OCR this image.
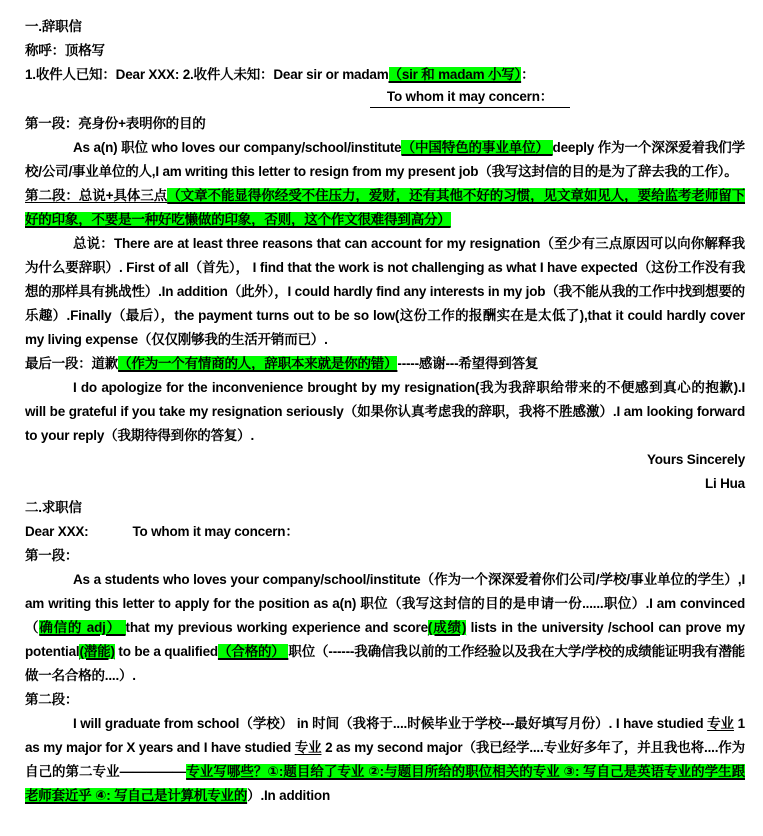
一.辞职信
称呼：顶格写
1.收件人已知：Dear XXX: 2.收件人未知：Dear sir or madam（sir 和 madam 小写）：
To whom it may concern：
第一段：亮身份+表明你的目的
As a(n) 职位 who loves our company/school/institute（中国特色的事业单位） deeply 作为一个深深爱着我们学校/公司/事业单位的人,I am writing this letter to resign from my present job（我写这封信的目的是为了辞去我的工作）。
第二段：总说+具体三点（文章不能显得你经受不住压力，爱财，还有其他不好的习惯，见文章如见人，要给监考老师留下好的印象，不要是一种好吃懒做的印象，否则，这个作文很难得到高分）
总说：There are at least three reasons that can account for my resignation（至少有三点原因可以向你解释我为什么要辞职）. First of all（首先）， I find that the work is not challenging as what I have expected（这份工作没有我想的那样具有挑战性）.In addition（此外），I could hardly find any interests in my job（我不能从我的工作中找到想要的乐趣）.Finally（最后），the payment turns out to be so low(这份工作的报酬实在是太低了),that it could hardly cover my living expense（仅仅刚够我的生活开销而已）.
最后一段：道歉（作为一个有情商的人，辞职本来就是你的错）-----感谢---希望得到答复
I do apologize for the inconvenience brought by my resignation(我为我辞职给带来的不便感到真心的抱歉).I will be grateful if you take my resignation seriously（如果你认真考虑我的辞职，我将不胜感激）.I am looking forward to your reply（我期待得到你的答复）.
Yours Sincerely
Li Hua
二.求职信
Dear XXX:	To whom it may concern：
第一段：
As a students who loves your company/school/institute（作为一个深深爱着你们公司/学校/事业单位的学生）,I am writing this letter to apply for the position as a(n) 职位（我写这封信的目的是申请一份......职位）.I am convinced（确信的 adj） that my previous working experience and score(成绩) lists in the university /school can prove my potential(潜能) to be a qualified（合格的） 职位（------我确信我以前的工作经验以及我在大学/学校的成绩能证明我有潜能做一名合格的....）.
第二段：
I will graduate from school（学校） in 时间（我将于....时候毕业于学校---最好填写月份）. I have studied 专业 1 as my major for X years and I have studied 专业 2 as my second major（我已经学....专业好多年了，并且我也将....作为自己的第二专业—————专业写哪些？①:题目给了专业 ②:与题目所给的职位相关的专业 ③: 写自己是英语专业的学生跟老师套近乎 ④: 写自己是计算机专业的）.In addition
